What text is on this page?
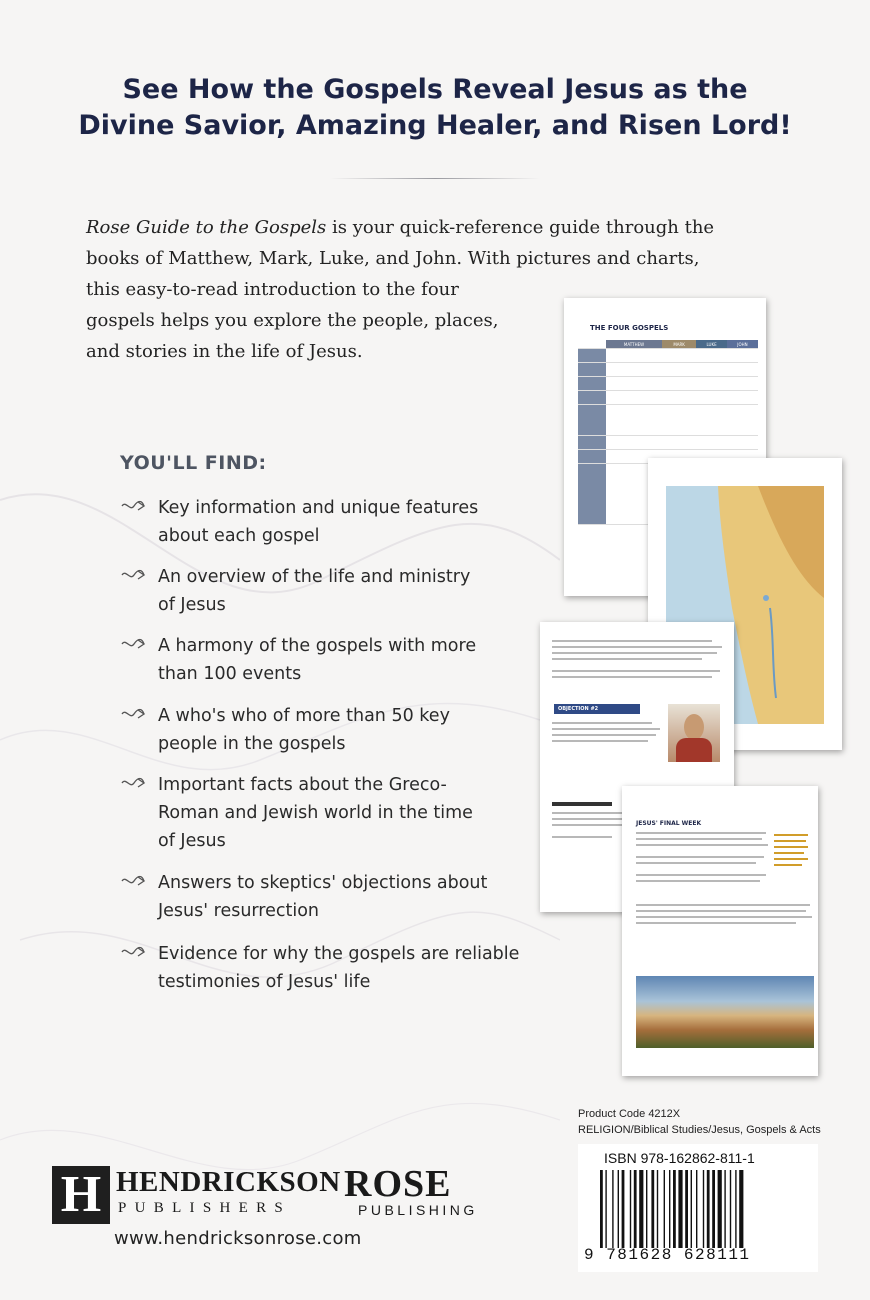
See How the Gospels Reveal Jesus as the
Divine Savior, Amazing Healer, and Risen Lord!
Rose Guide to the Gospels is your quick-reference guide through the
books of Matthew, Mark, Luke, and John. With pictures and charts,
this easy-to-read introduction to the four
gospels helps you explore the people, places,
and stories in the life of Jesus.
YOU'LL FIND:
Key information and unique features
about each gospel
An overview of the life and ministry
of Jesus
A harmony of the gospels with more
than 100 events
A who's who of more than 50 key
people in the gospels
Important facts about the Greco-
Roman and Jewish world in the time
of Jesus
Answers to skeptics' objections about
Jesus' resurrection
Evidence for why the gospels are reliable
testimonies of Jesus' life
THE FOUR GOSPELS
	MATTHEW	MARK	LUKE	JOHN

OBJECTION #2
JESUS' FINAL WEEK
Product Code 4212X
RELIGION/Biblical Studies/Jesus, Gospels & Acts
ISBN 978-162862-811-1
9 781628 628111
H HENDRICKSON
PUBLISHERS
ROSE
PUBLISHING
www.hendricksonrose.com
